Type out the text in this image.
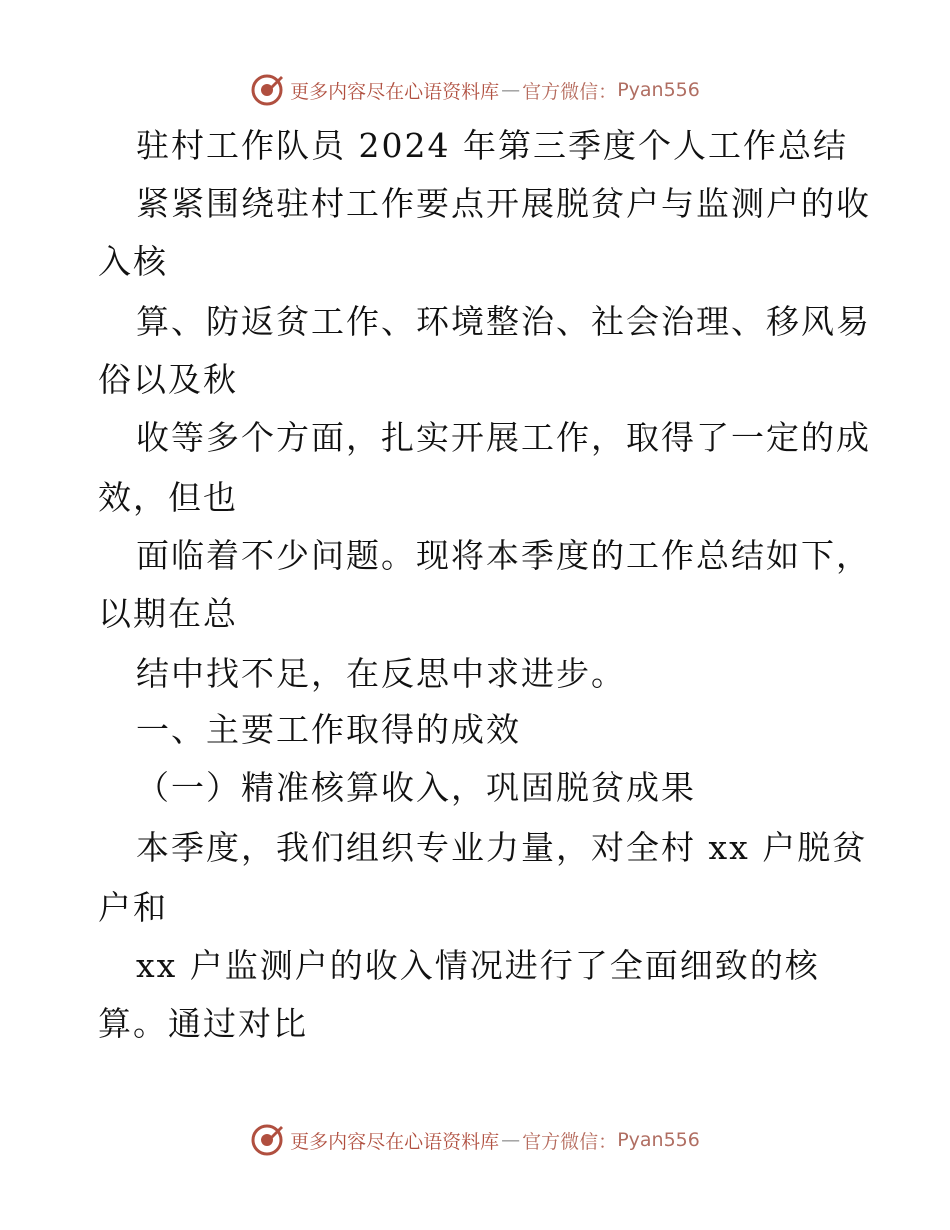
更多内容尽在心语资料库 — 官方微信： Pyan556
驻村工作队员 2024 年第三季度个人工作总结
紧紧围绕驻村工作要点开展脱贫户与监测户的收
入核
算、防返贫工作、环境整治、社会治理、移风易
俗以及秋
收等多个方面，扎实开展工作，取得了一定的成
效，但也
面临着不少问题。现将本季度的工作总结如下，
以期在总
结中找不足，在反思中求进步。
一、主要工作取得的成效
（一）精准核算收入，巩固脱贫成果
本季度，我们组织专业力量，对全村 xx 户脱贫
户和
xx 户监测户的收入情况进行了全面细致的核
算。通过对比
更多内容尽在心语资料库 — 官方微信： Pyan556
